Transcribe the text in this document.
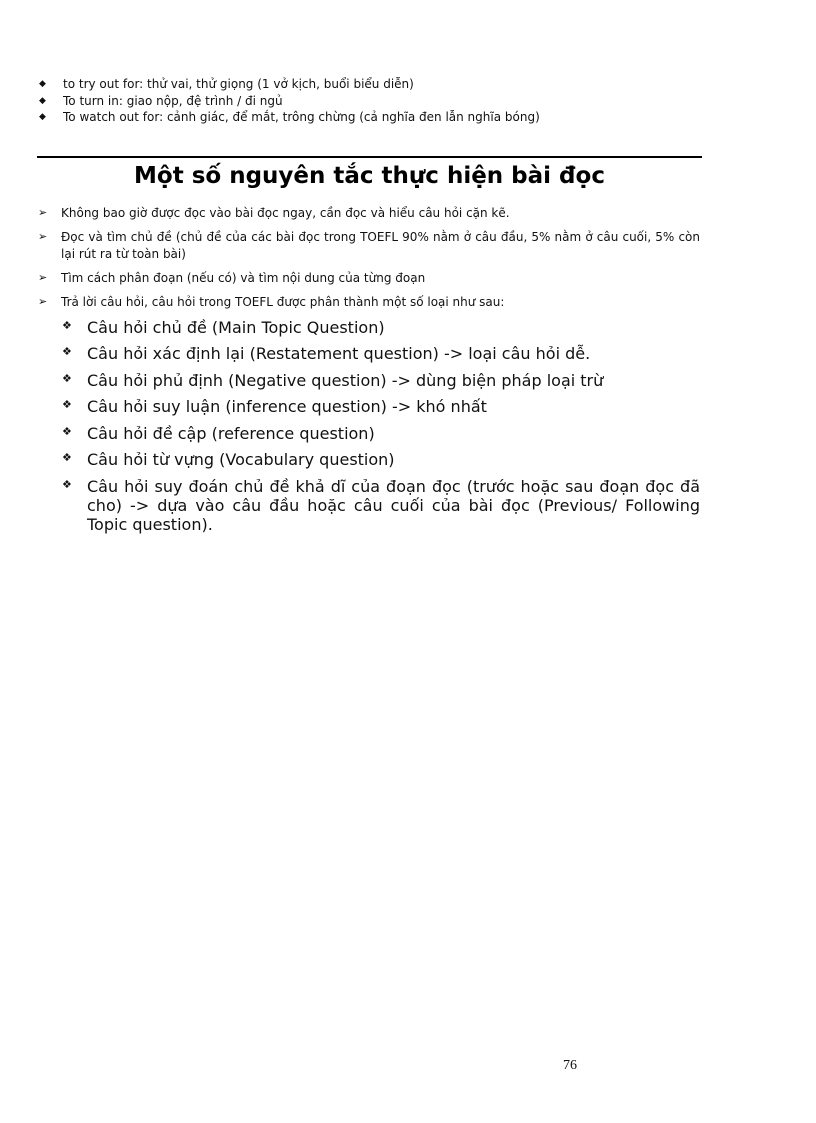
◆	to try out for: thử vai, thử giọng (1 vở kịch, buổi biểu diễn)
◆	To turn in: giao nộp, đệ trình / đi ngủ
◆	To watch out for: cảnh giác, để mắt, trông chừng (cả nghĩa đen lẫn nghĩa bóng)
Một số nguyên tắc thực hiện bài đọc
➢	Không bao giờ được đọc vào bài đọc ngay, cần đọc và hiểu câu hỏi cặn kẽ.
➢	Đọc và tìm chủ đề (chủ đề của các bài đọc trong TOEFL 90% nằm ở câu đầu, 5% nằm ở câu cuối, 5% còn lại rút ra từ toàn bài)
➢	Tìm cách phân đoạn (nếu có) và tìm nội dung của từng đoạn
➢	Trả lời câu hỏi, câu hỏi trong TOEFL được phân thành một số loại như sau:
❖ Câu hỏi chủ đề (Main Topic Question)
❖ Câu hỏi xác định lại (Restatement question) -> loại câu hỏi dễ.
❖ Câu hỏi phủ định (Negative question) -> dùng biện pháp loại trừ
❖ Câu hỏi suy luận (inference question) -> khó nhất
❖ Câu hỏi đề cập (reference question)
❖ Câu hỏi từ vựng (Vocabulary question)
❖ Câu hỏi suy đoán chủ đề khả dĩ của đoạn đọc (trước hoặc sau đoạn đọc đã cho) -> dựa vào câu đầu hoặc câu cuối của bài đọc (Previous/ Following Topic question).
76
